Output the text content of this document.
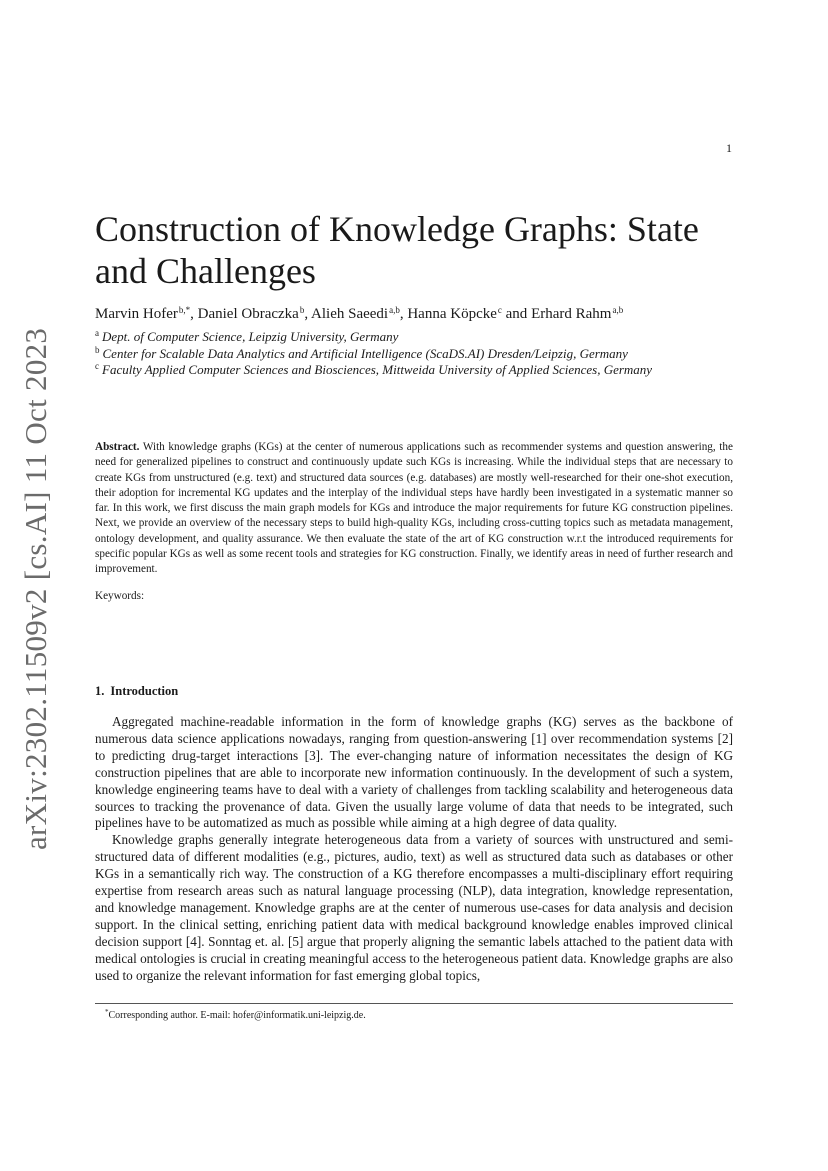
1
arXiv:2302.11509v2 [cs.AI] 11 Oct 2023
Construction of Knowledge Graphs: State and Challenges
Marvin Hofer$^{b,*}$, Daniel Obraczka$^b$, Alieh Saeedi$^{a,b}$, Hanna Köpcke$^c$ and Erhard Rahm$^{a,b}$
$^a$ Dept. of Computer Science, Leipzig University, Germany
$^b$ Center for Scalable Data Analytics and Artificial Intelligence (ScaDS.AI) Dresden/Leipzig, Germany
$^c$ Faculty Applied Computer Sciences and Biosciences, Mittweida University of Applied Sciences, Germany
Abstract. With knowledge graphs (KGs) at the center of numerous applications such as recommender systems and question answering, the need for generalized pipelines to construct and continuously update such KGs is increasing. While the individual steps that are necessary to create KGs from unstructured (e.g. text) and structured data sources (e.g. databases) are mostly well-researched for their one-shot execution, their adoption for incremental KG updates and the interplay of the individual steps have hardly been investigated in a systematic manner so far. In this work, we first discuss the main graph models for KGs and introduce the major requirements for future KG construction pipelines. Next, we provide an overview of the necessary steps to build high-quality KGs, including cross-cutting topics such as metadata management, ontology development, and quality assurance. We then evaluate the state of the art of KG construction w.r.t the introduced requirements for specific popular KGs as well as some recent tools and strategies for KG construction. Finally, we identify areas in need of further research and improvement.
Keywords:
1. Introduction

Aggregated machine-readable information in the form of knowledge graphs (KG) serves as the backbone of numerous data science applications nowadays, ranging from question-answering [1] over recommendation systems [2] to predicting drug-target interactions [3]. The ever-changing nature of information necessitates the design of KG construction pipelines that are able to incorporate new information continuously. In the development of such a system, knowledge engineering teams have to deal with a variety of challenges from tackling scalability and heterogeneous data sources to tracking the provenance of data. Given the usually large volume of data that needs to be integrated, such pipelines have to be automatized as much as possible while aiming at a high degree of data quality.

Knowledge graphs generally integrate heterogeneous data from a variety of sources with unstructured and semi-structured data of different modalities (e.g., pictures, audio, text) as well as structured data such as databases or other KGs in a semantically rich way. The construction of a KG therefore encompasses a multi-disciplinary effort requiring expertise from research areas such as natural language processing (NLP), data integration, knowledge representation, and knowledge management. Knowledge graphs are at the center of numerous use-cases for data analysis and decision support. In the clinical setting, enriching patient data with medical background knowledge enables improved clinical decision support [4]. Sonntag et. al. [5] argue that properly aligning the semantic labels attached to the patient data with medical ontologies is crucial in creating meaningful access to the heterogeneous patient data. Knowledge graphs are also used to organize the relevant information for fast emerging global topics,

*Corresponding author. E-mail: hofer@informatik.uni-leipzig.de.
